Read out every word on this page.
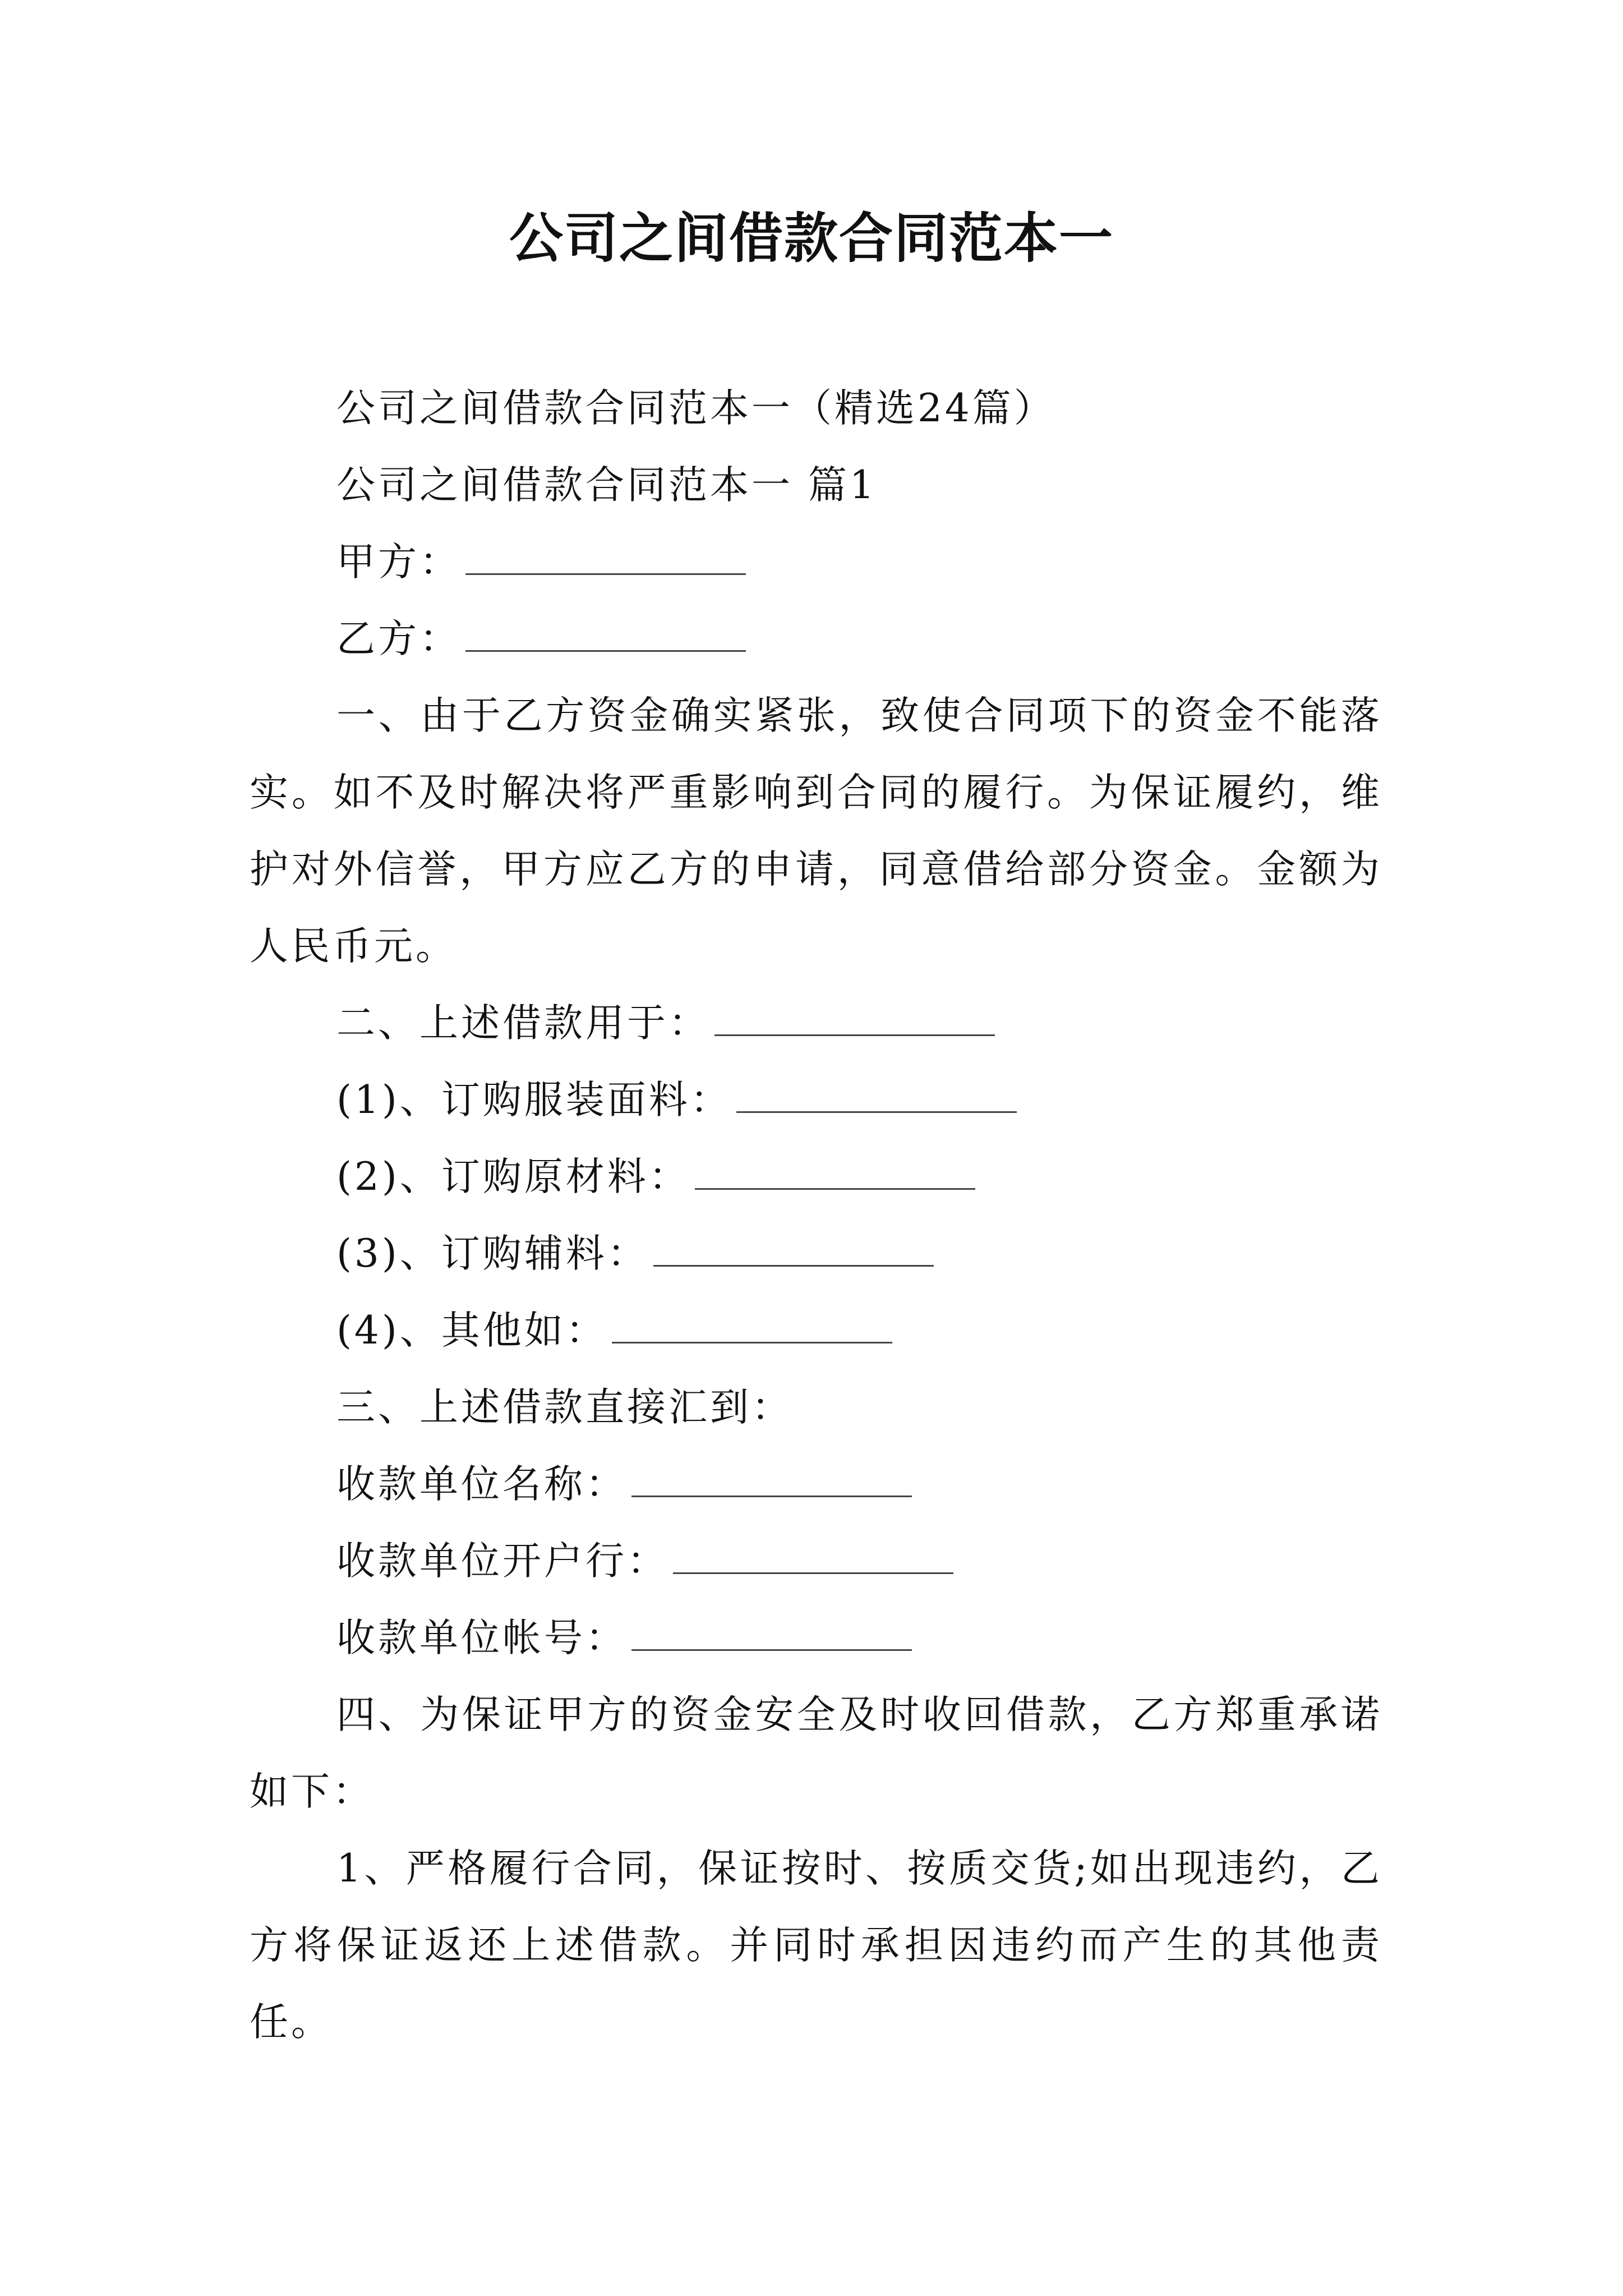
公司之间借款合同范本一

公司之间借款合同范本一（精选24篇）

公司之间借款合同范本一 篇1

甲方：

乙方：

一、由于乙方资金确实紧张，致使合同项下的资金不能落实。如不及时解决将严重影响到合同的履行。为保证履约，维护对外信誉，甲方应乙方的申请，同意借给部分资金。金额为人民币元。

二、上述借款用于：

(1)、订购服装面料：

(2)、订购原材料：

(3)、订购辅料：

(4)、其他如：

三、上述借款直接汇到：

收款单位名称：

收款单位开户行：

收款单位帐号：

四、为保证甲方的资金安全及时收回借款，乙方郑重承诺如下：

1、严格履行合同，保证按时、按质交货;如出现违约，乙方将保证返还上述借款。并同时承担因违约而产生的其他责任。
